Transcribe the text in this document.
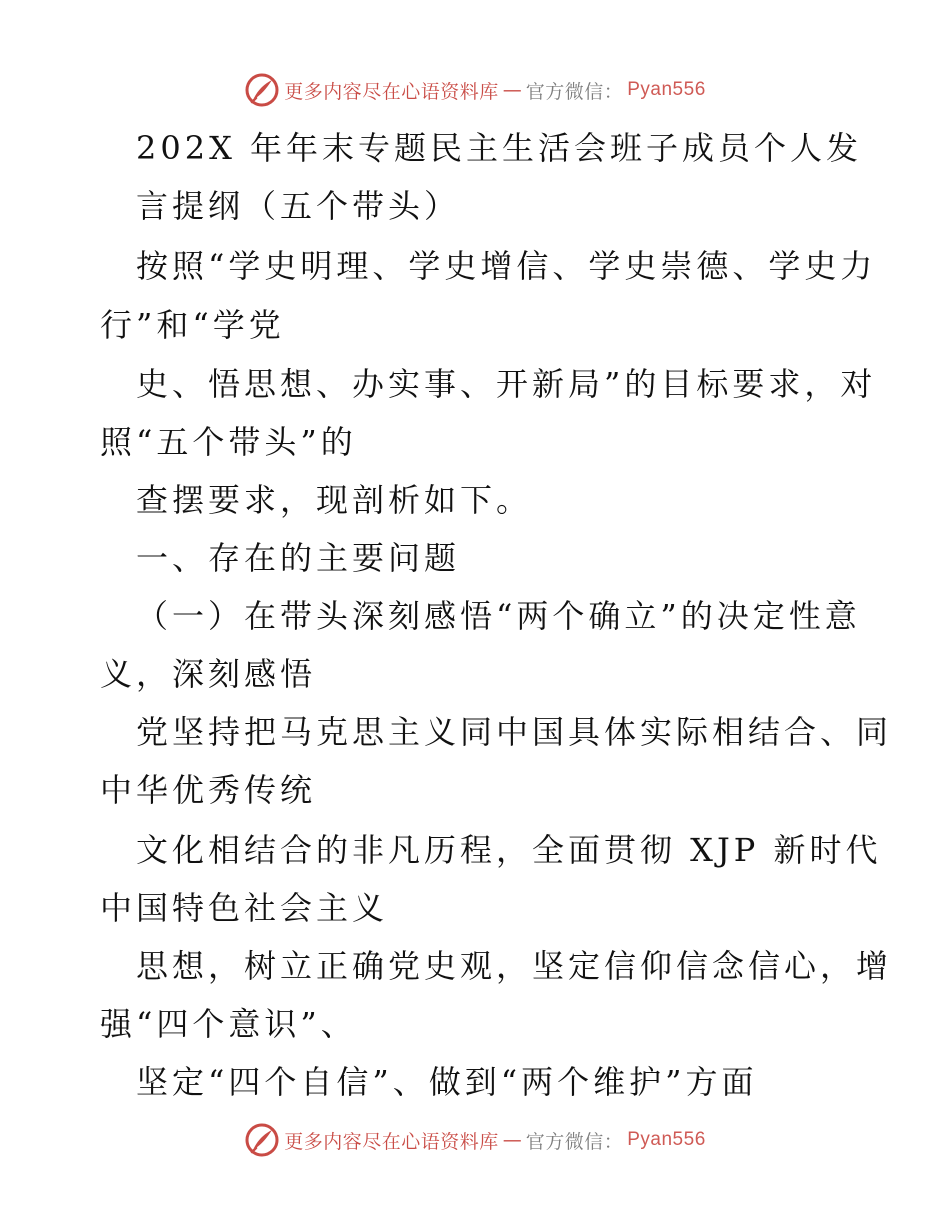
更多内容尽在心语资料库 — 官方微信： Pyan556
202X 年年末专题民主生活会班子成员个人发
言提纲（五个带头）
按照“学史明理、学史增信、学史崇德、学史力
行”和“学党
史、悟思想、办实事、开新局”的目标要求，对
照“五个带头”的
查摆要求，现剖析如下。
一、存在的主要问题
（一）在带头深刻感悟“两个确立”的决定性意
义，深刻感悟
党坚持把马克思主义同中国具体实际相结合、同
中华优秀传统
文化相结合的非凡历程，全面贯彻 XJP 新时代
中国特色社会主义
思想，树立正确党史观，坚定信仰信念信心，增
强“四个意识”、
坚定“四个自信”、做到“两个维护”方面
更多内容尽在心语资料库 — 官方微信： Pyan556
